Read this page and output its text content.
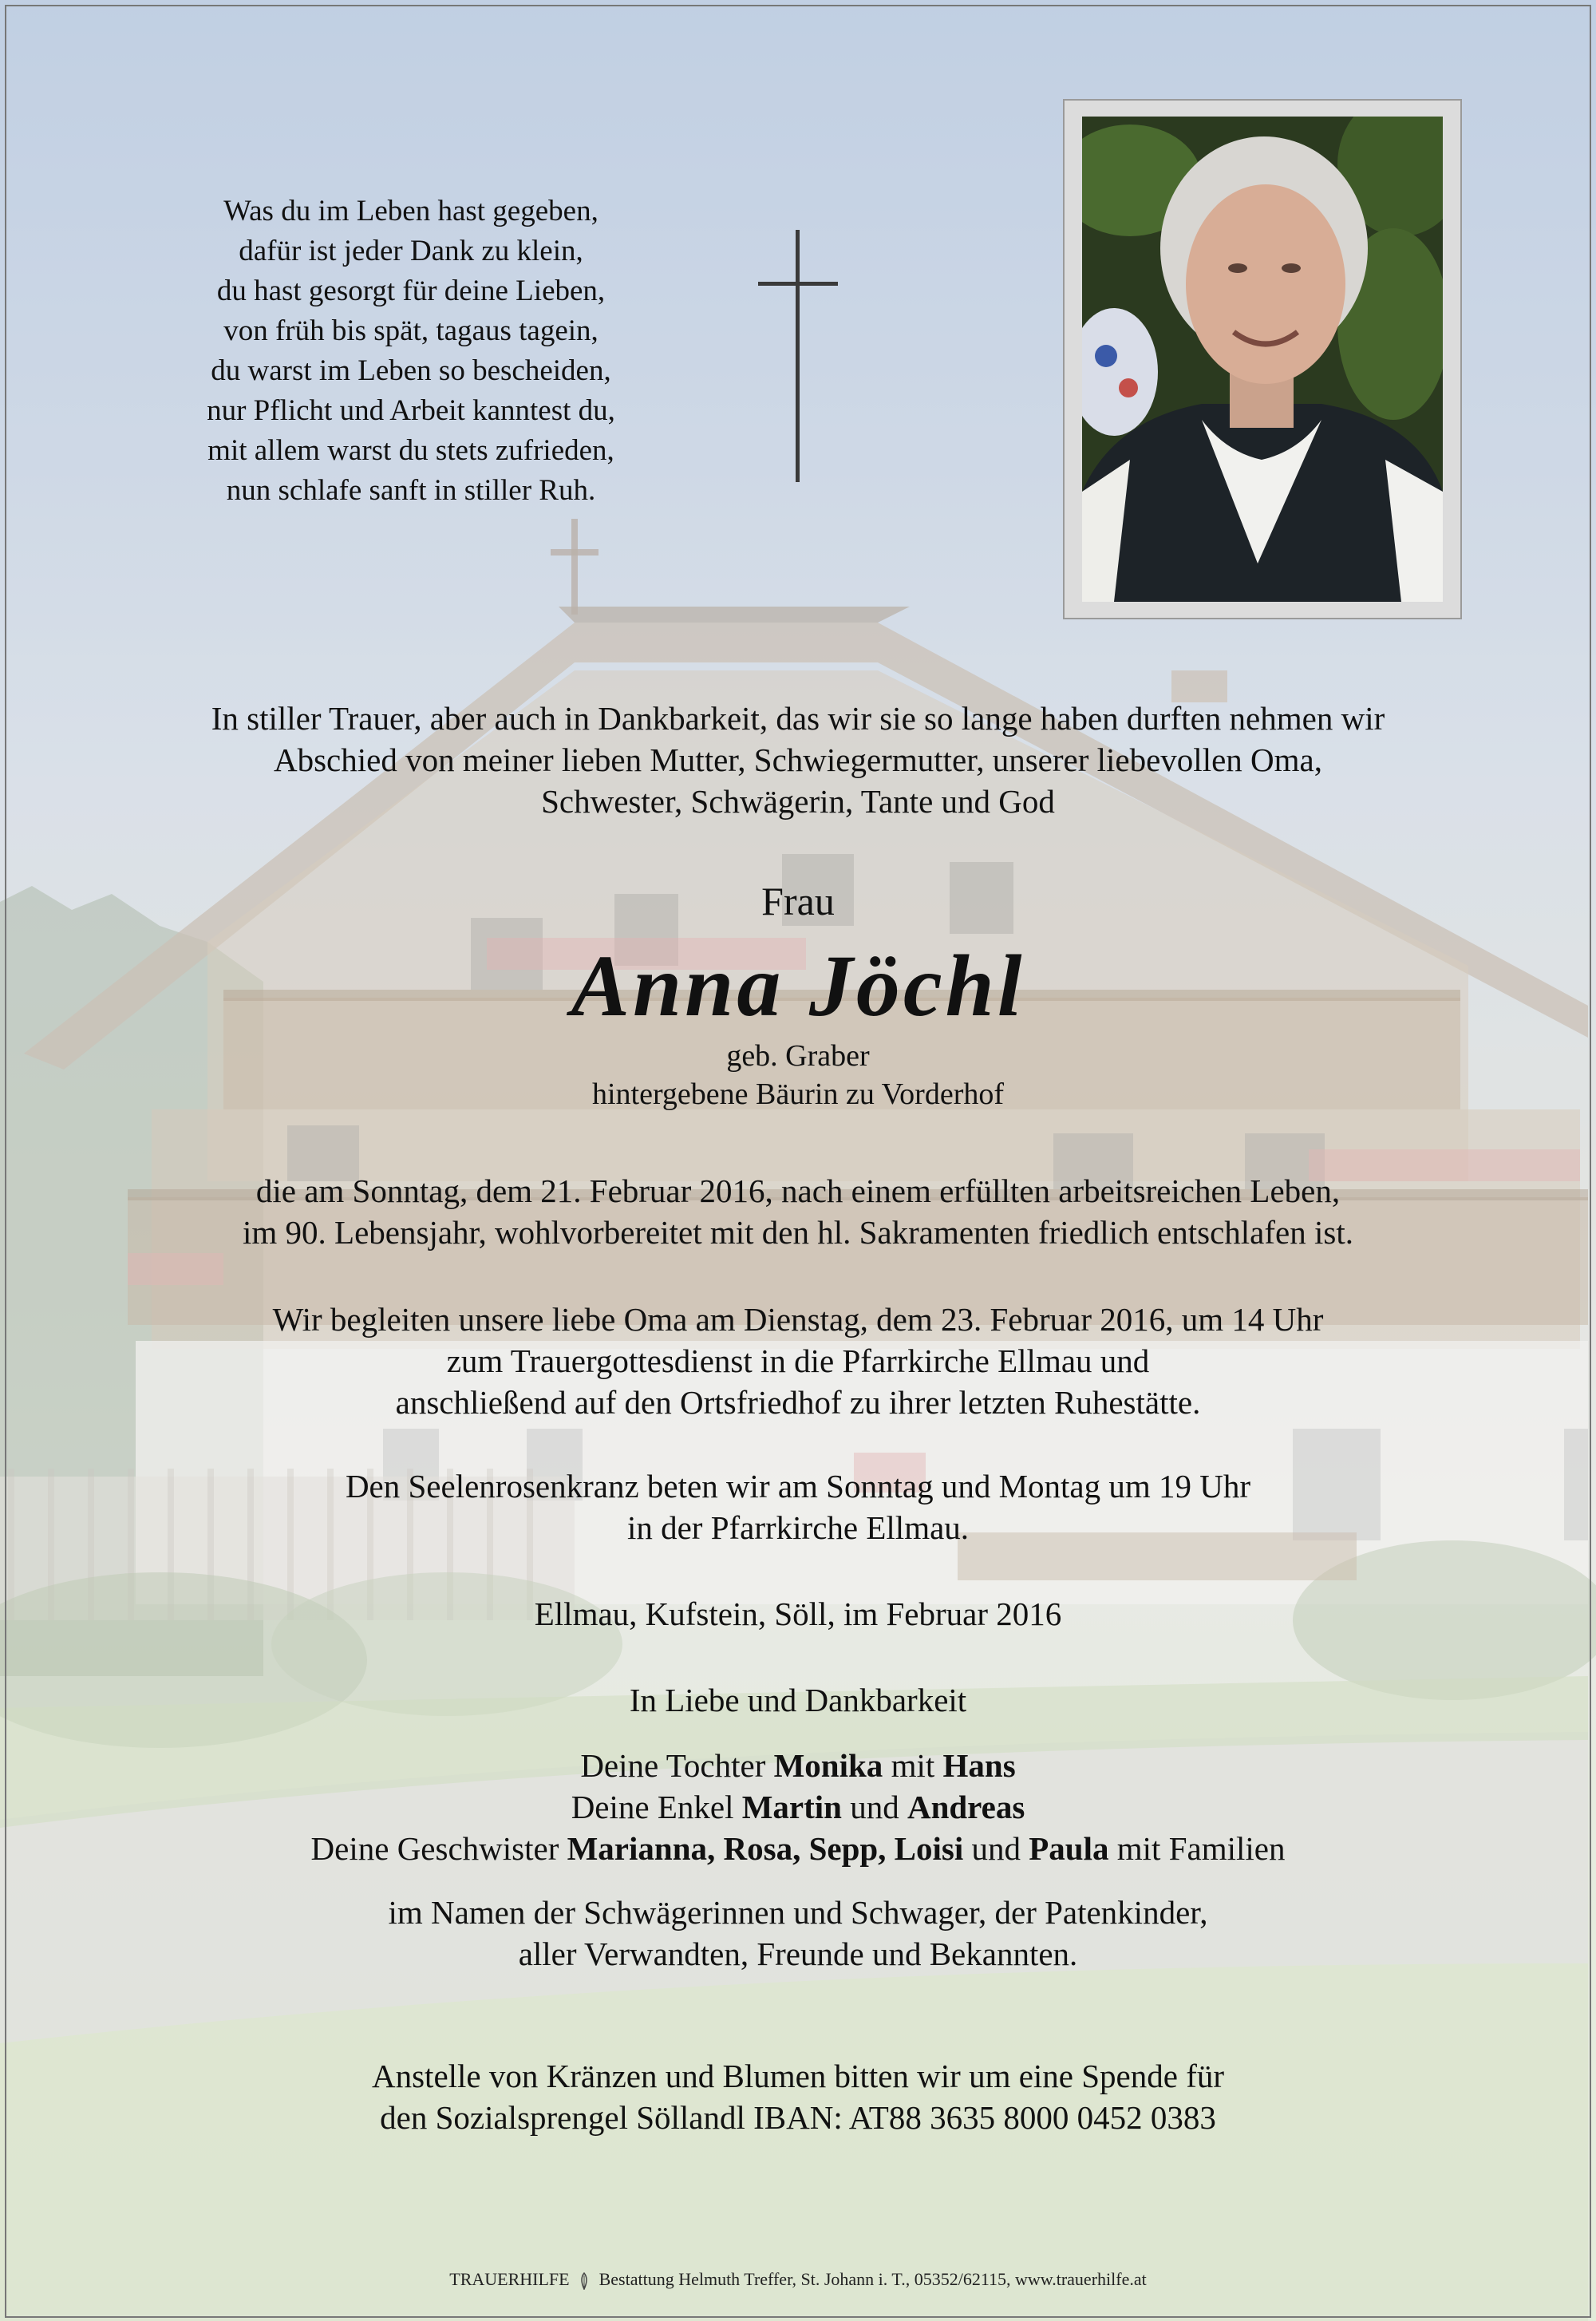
Was du im Leben hast gegeben,
dafür ist jeder Dank zu klein,
du hast gesorgt für deine Lieben,
von früh bis spät, tagaus tagein,
du warst im Leben so bescheiden,
nur Pflicht und Arbeit kanntest du,
mit allem warst du stets zufrieden,
nun schlafe sanft in stiller Ruh.
In stiller Trauer, aber auch in Dankbarkeit, das wir sie so lange haben durften nehmen wir
Abschied von meiner lieben Mutter, Schwiegermutter, unserer liebevollen Oma,
Schwester, Schwägerin, Tante und God
Frau
Anna Jöchl
geb. Graber
hintergebene Bäurin zu Vorderhof
die am Sonntag, dem 21. Februar 2016, nach einem erfüllten arbeitsreichen Leben,
im 90. Lebensjahr, wohlvorbereitet mit den hl. Sakramenten friedlich entschlafen ist.
Wir begleiten unsere liebe Oma am Dienstag, dem 23. Februar 2016, um 14 Uhr
zum Trauergottesdienst in die Pfarrkirche Ellmau und
anschließend auf den Ortsfriedhof zu ihrer letzten Ruhestätte.
Den Seelenrosenkranz beten wir am Sonntag und Montag um 19 Uhr
in der Pfarrkirche Ellmau.
Ellmau, Kufstein, Söll, im Februar 2016
In Liebe und Dankbarkeit
Deine Tochter Monika mit Hans
Deine Enkel Martin und Andreas
Deine Geschwister Marianna, Rosa, Sepp, Loisi und Paula mit Familien
im Namen der Schwägerinnen und Schwager, der Patenkinder,
aller Verwandten, Freunde und Bekannten.
Anstelle von Kränzen und Blumen bitten wir um eine Spende für
den Sozialsprengel Söllandl IBAN: AT88 3635 8000 0452 0383
TRAUERHILFE Bestattung Helmuth Treffer, St. Johann i. T., 05352/62115, www.trauerhilfe.at
